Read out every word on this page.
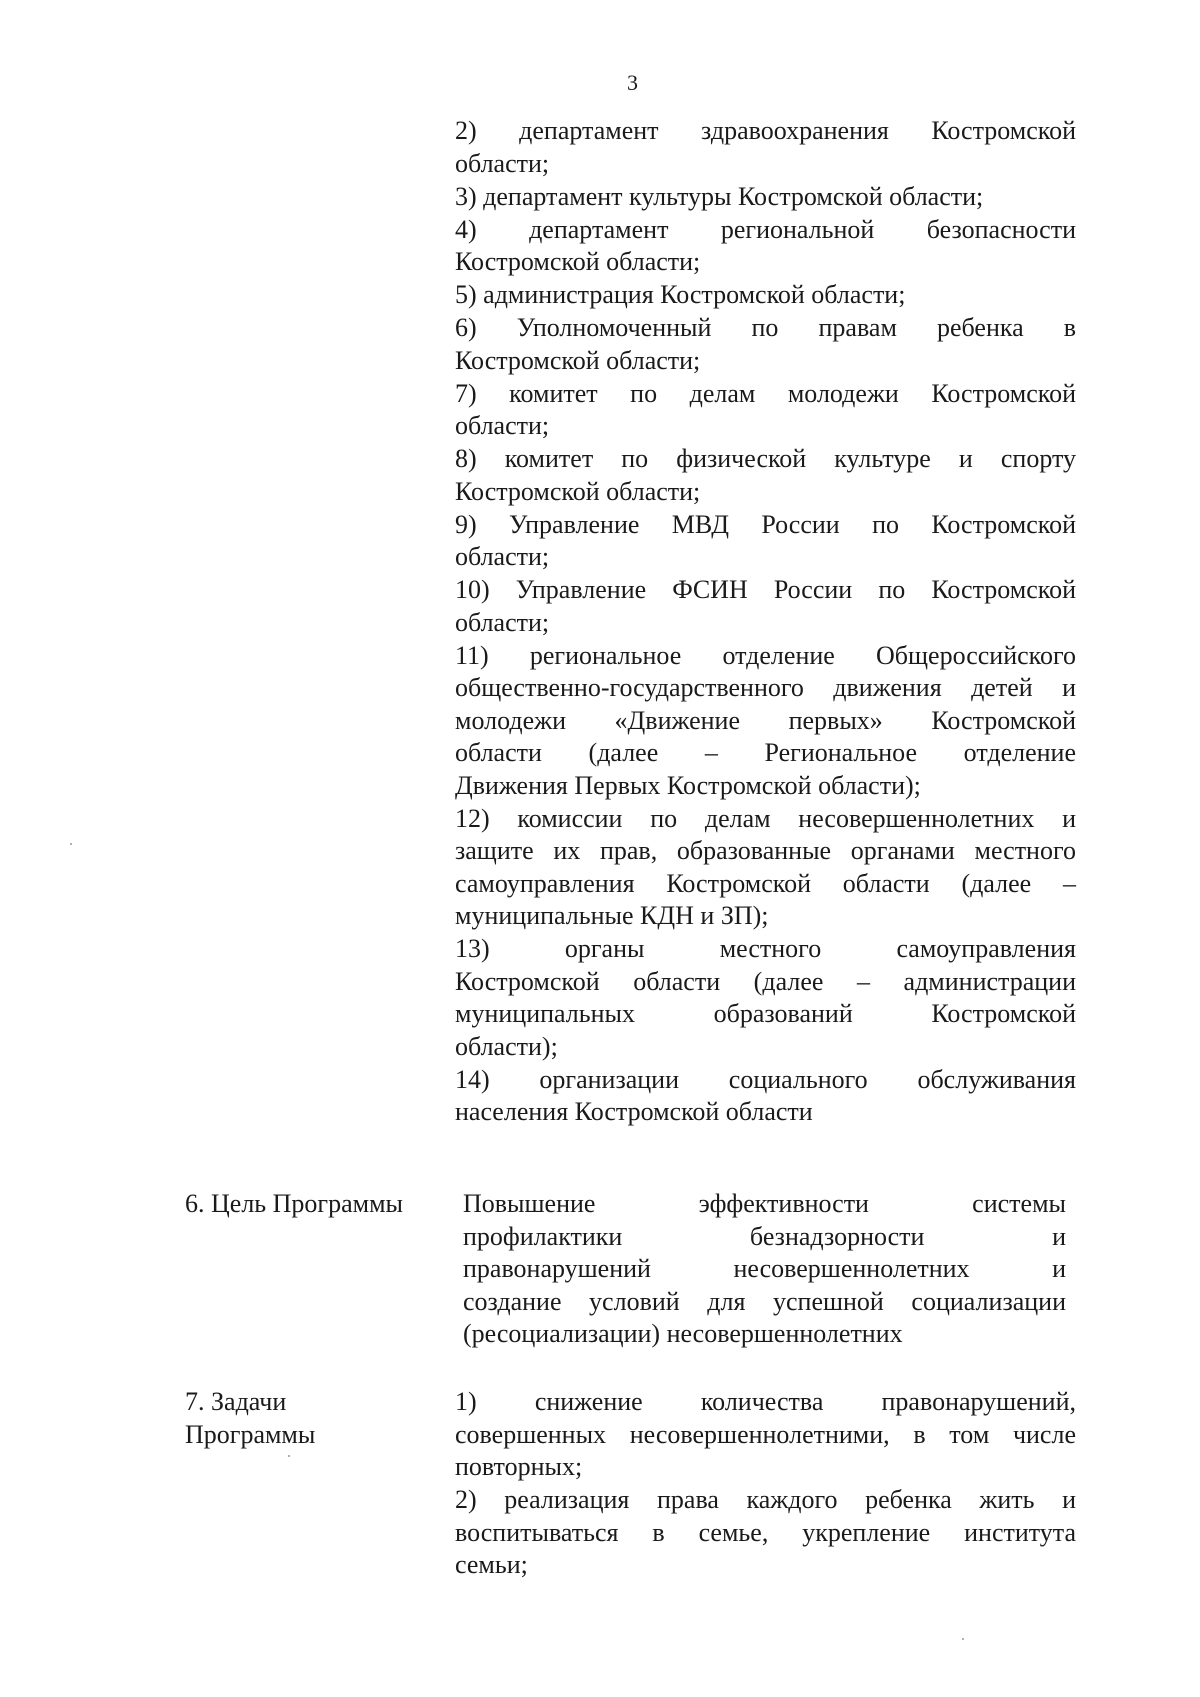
3
2) департамент здравоохранения Костромской
области;
3) департамент культуры Костромской области;
4) департамент региональной безопасности
Костромской области;
5) администрация Костромской области;
6) Уполномоченный по правам ребенка в
Костромской области;
7) комитет по делам молодежи Костромской
области;
8) комитет по физической культуре и спорту
Костромской области;
9) Управление МВД России по Костромской
области;
10) Управление ФСИН России по Костромской
области;
11) региональное отделение Общероссийского
общественно-государственного движения детей и
молодежи «Движение первых» Костромской
области (далее – Региональное отделение
Движения Первых Костромской области);
12) комиссии по делам несовершеннолетних и
защите их прав, образованные органами местного
самоуправления Костромской области (далее –
муниципальные КДН и ЗП);
13) органы местного самоуправления
Костромской области (далее – администрации
муниципальных образований Костромской
области);
14) организации социального обслуживания
населения Костромской области
6. Цель Программы	Повышение эффективности системы
профилактики безнадзорности и
правонарушений несовершеннолетних и
создание условий для успешной социализации
(ресоциализации) несовершеннолетних
7. Задачи
Программы
1) снижение количества правонарушений,
совершенных несовершеннолетними, в том числе
повторных;
2) реализация права каждого ребенка жить и
воспитываться в семье, укрепление института
семьи;
